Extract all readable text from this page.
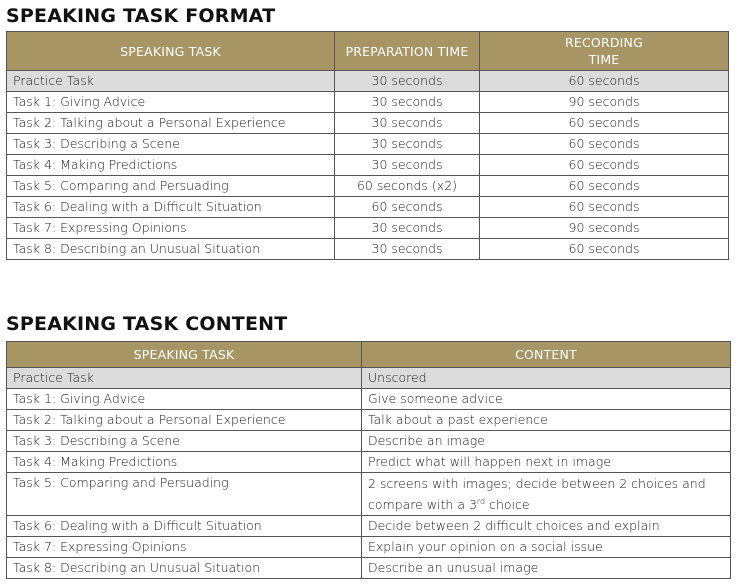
SPEAKING TASK FORMAT
SPEAKING TASK	PREPARATION TIME	RECORDING TIME

Practice Task	30 seconds	60 seconds
Task 1: Giving Advice	30 seconds	90 seconds
Task 2: Talking about a Personal Experience	30 seconds	60 seconds
Task 3: Describing a Scene	30 seconds	60 seconds
Task 4: Making Predictions	30 seconds	60 seconds
Task 5: Comparing and Persuading	60 seconds (x2)	60 seconds
Task 6: Dealing with a Difficult Situation	60 seconds	60 seconds
Task 7: Expressing Opinions	30 seconds	90 seconds
Task 8: Describing an Unusual Situation	30 seconds	60 seconds
SPEAKING TASK CONTENT
SPEAKING TASK	CONTENT
Practice Task	Unscored
Task 1: Giving Advice	Give someone advice
Task 2: Talking about a Personal Experience	Talk about a past experience
Task 3: Describing a Scene	Describe an image
Task 4: Making Predictions	Predict what will happen next in image
Task 5: Comparing and Persuading	2 screens with images; decide between 2 choices and compare with a 3rd choice
Task 6: Dealing with a Difficult Situation	Decide between 2 difficult choices and explain
Task 7: Expressing Opinions	Explain your opinion on a social issue
Task 8: Describing an Unusual Situation	Describe an unusual image
